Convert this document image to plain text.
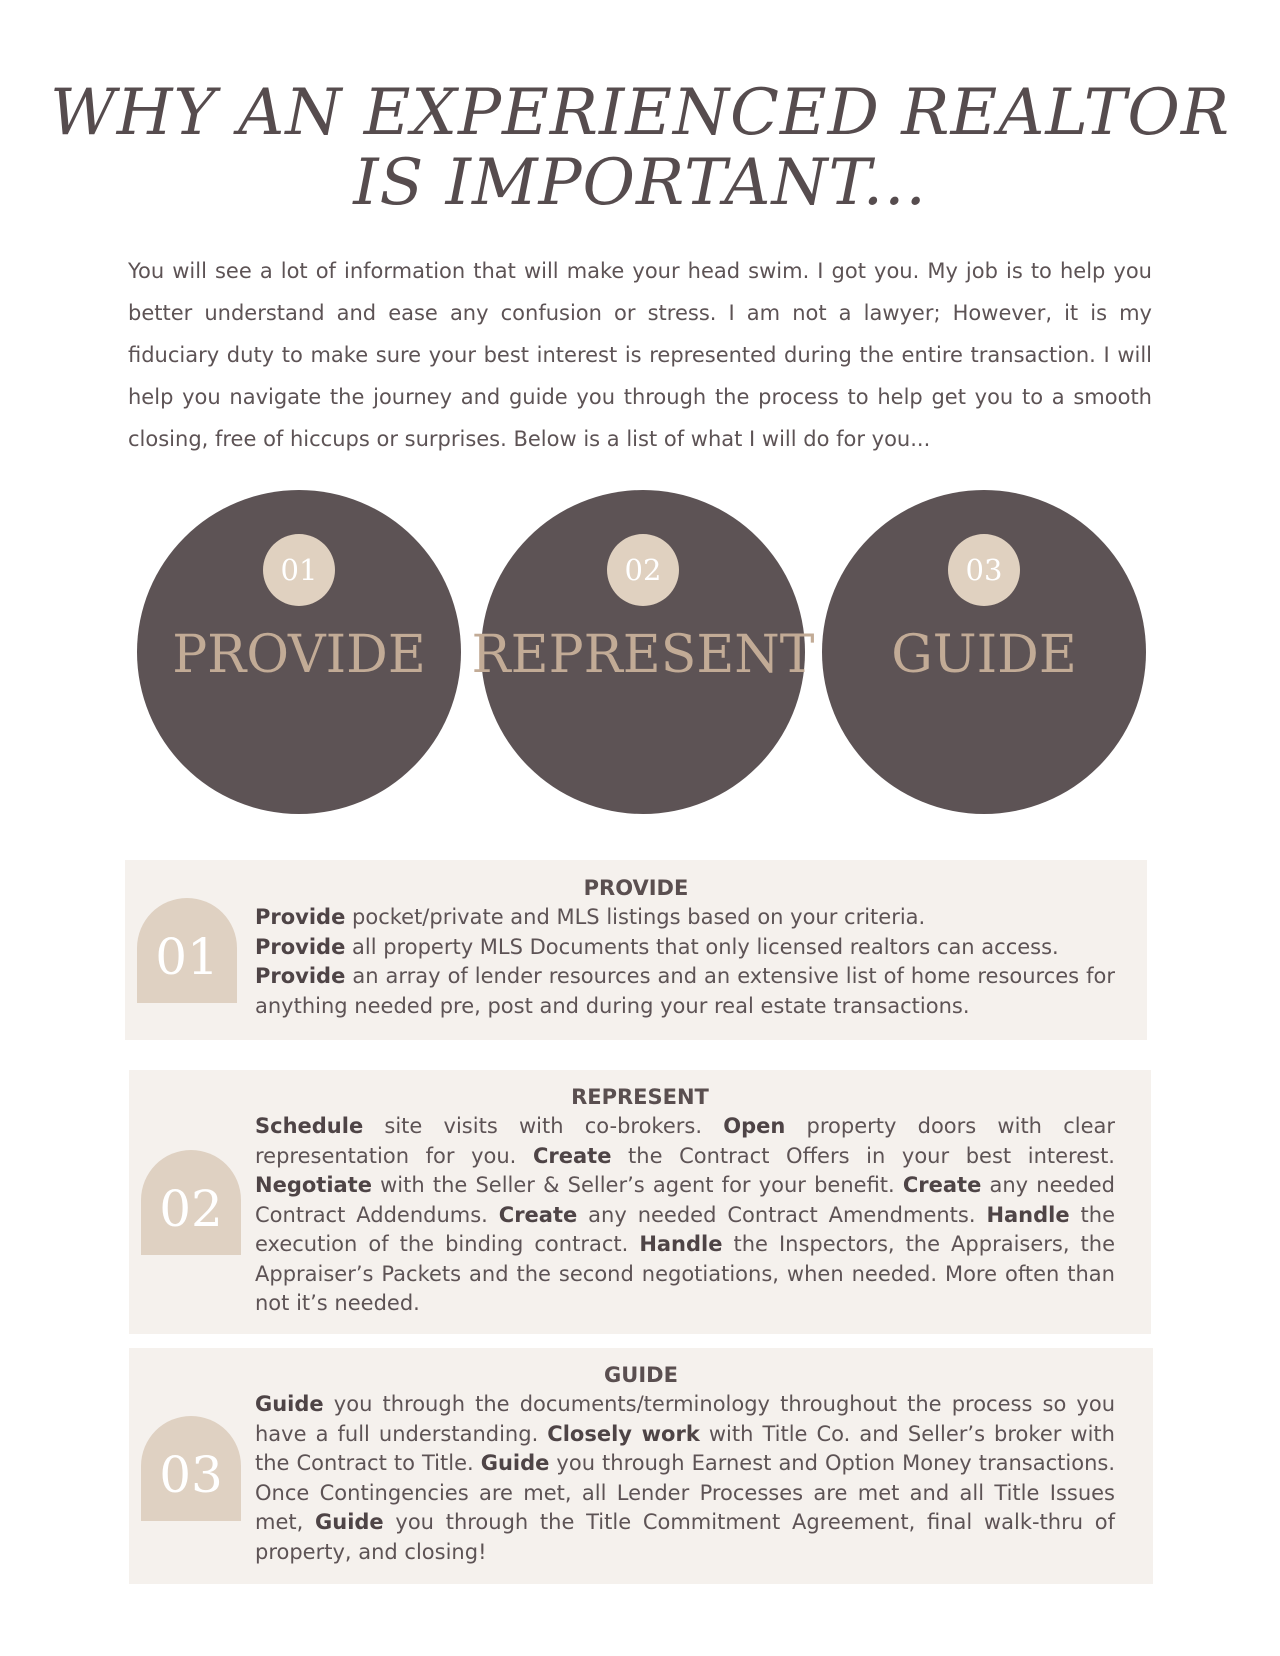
WHY AN EXPERIENCED REALTOR
IS IMPORTANT...

You will see a lot of information that will make your head swim. I got you. My job is to help you better understand and ease any confusion or stress. I am not a lawyer; However, it is my fiduciary duty to make sure your best interest is represented during the entire transaction. I will help you navigate the journey and guide you through the process to help get you to a smooth closing, free of hiccups or surprises. Below is a list of what I will do for you...

01
PROVIDE
02
REPRESENT
03
GUIDE
01
PROVIDE
Provide pocket/private and MLS listings based on your criteria.
Provide all property MLS Documents that only licensed realtors can access.
Provide an array of lender resources and an extensive list of home resources for anything needed pre, post and during your real estate transactions.
02
REPRESENT

Schedule site visits with co-brokers. Open property doors with clear representation for you. Create the Contract Offers in your best interest. Negotiate with the Seller & Seller’s agent for your benefit. Create any needed Contract Addendums. Create any needed Contract Amendments. Handle the execution of the binding contract. Handle the Inspectors, the Appraisers, the Appraiser’s Packets and the second negotiations, when needed. More often than not it’s needed.

03
GUIDE

Guide you through the documents/terminology throughout the process so you have a full understanding. Closely work with Title Co. and Seller’s broker with the Contract to Title. Guide you through Earnest and Option Money transactions. Once Contingencies are met, all Lender Processes are met and all Title Issues met, Guide you through the Title Commitment Agreement, final walk-thru of property, and closing!
